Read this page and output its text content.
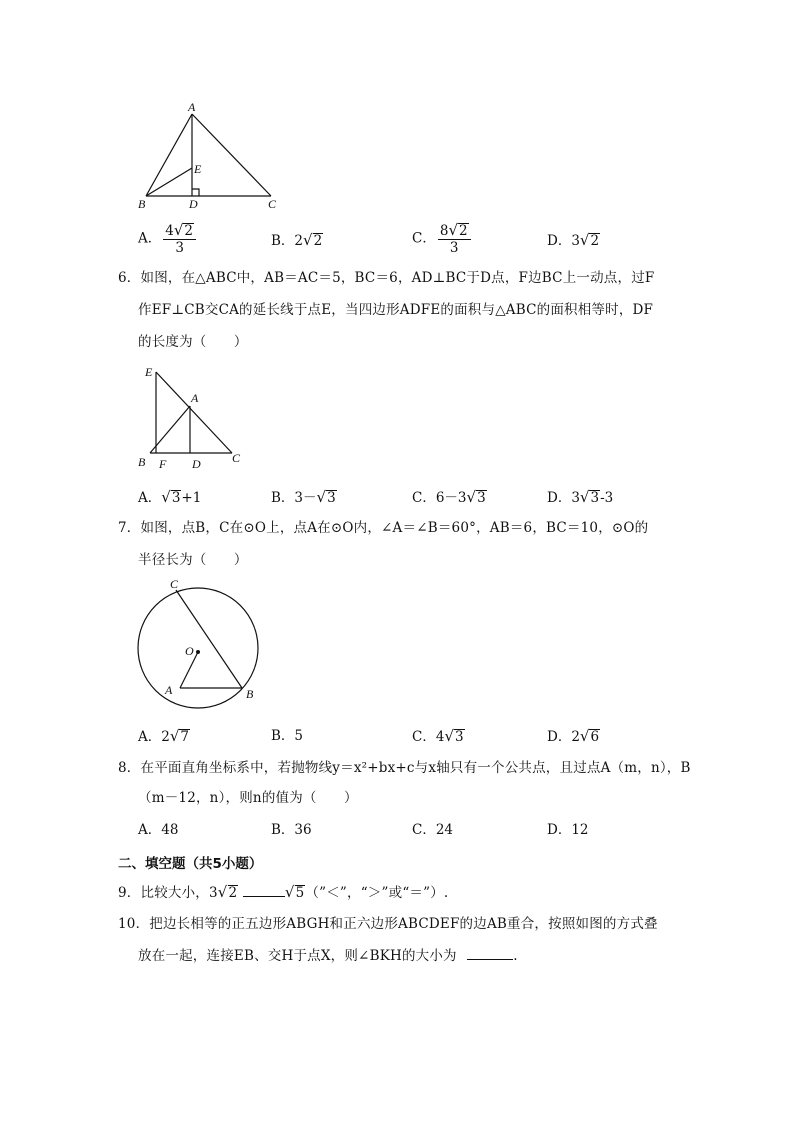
A
E
B	D	C
A． $\frac{4√2}{3}$	B．2√2	C． $\frac{8√2}{3}$	D．3√2
6．如图，在△ABC中，AB＝AC＝5，BC＝6，AD⊥BC于D点，F边BC上一动点，过F
作EF⊥CB交CA的延长线于点E，当四边形ADFE的面积与△ABC的面积相等时，DF
的长度为（　　）
E
A
B F D	C
A．√3+1	B．3－√3	C．6－3√3	D．3√3-3
7．如图，点B，C在⊙O上，点A在⊙O内，∠A＝∠B＝60°，AB＝6，BC＝10，⊙O的
半径长为（　　）
C
O
A	B
A．2√7	B．5	C．4√3	D．2√6
8．在平面直角坐标系中，若抛物线y＝x²+bx+c与x轴只有一个公共点，且过点A（m，n），B
（m－12，n），则n的值为（　　）
A．48	B．36	C．24	D．12
二、填空题（共5小题）
9．比较大小，3√2	√5（”＜”，“＞”或“＝”）.
10．把边长相等的正五边形ABGH和正六边形ABCDEF的边AB重合，按照如图的方式叠
放在一起，连接EB、交H于点X，则∠BKH的大小为	.
